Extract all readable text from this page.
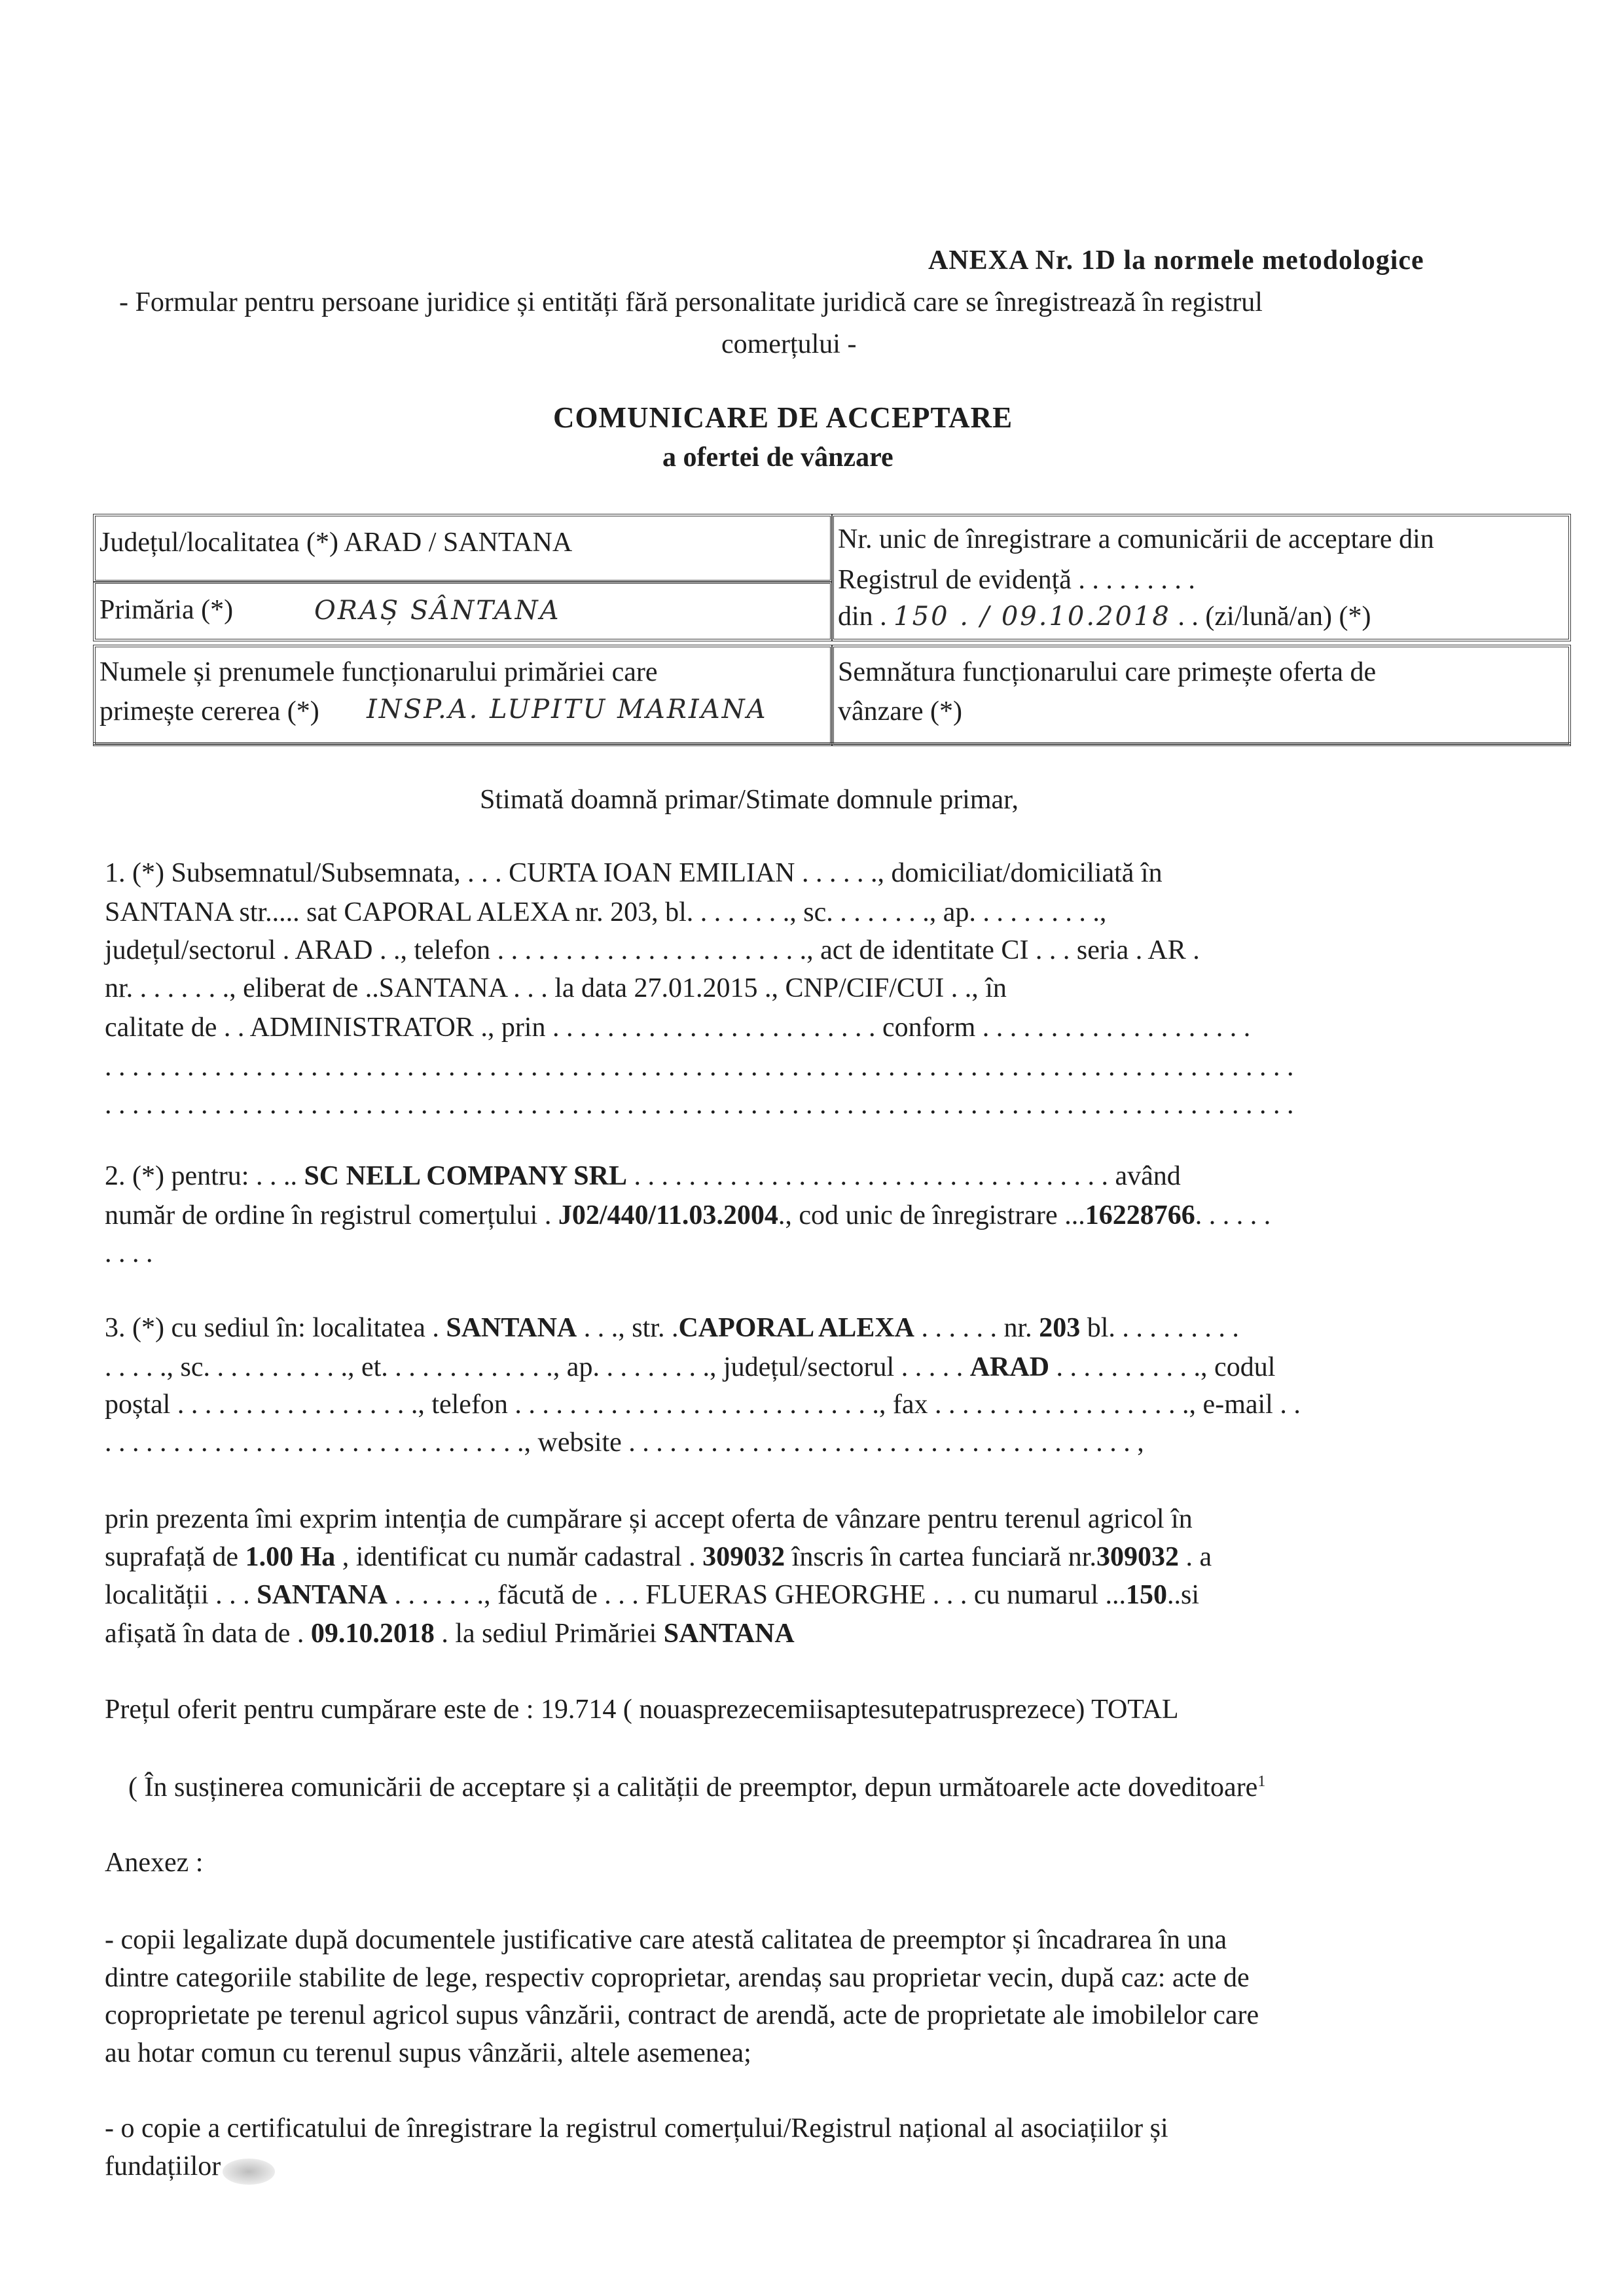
ANEXA Nr. 1D la normele metodologice
- Formular pentru persoane juridice și entități fără personalitate juridică care se înregistrează în registrul
comerțului -
COMUNICARE DE ACCEPTARE
a ofertei de vânzare
Județul/localitatea (*) ARAD / SANTANA
Primăria (*)	ORAȘ SÂNTANA
Numele și prenumele funcționarului primăriei care
primește cererea (*) INSP.A. LUPITU MARIANA
Nr. unic de înregistrare a comunicării de acceptare din
Registrul de evidență . . . . . . . . .
din . 150 . / 09.10.2018 . . (zi/lună/an) (*)
Semnătura funcționarului care primește oferta de
vânzare (*)
Stimată doamnă primar/Stimate domnule primar,
1. (*) Subsemnatul/Subsemnata, . . . CURTA IOAN EMILIAN . . . . . ., domiciliat/domiciliată în
SANTANA str..... sat CAPORAL ALEXA nr. 203, bl. . . . . . . ., sc. . . . . . . ., ap. . . . . . . . . .,
județul/sectorul . ARAD . ., telefon . . . . . . . . . . . . . . . . . . . . . . ., act de identitate CI . . . seria . AR .
nr. . . . . . . ., eliberat de ..SANTANA . . . la data 27.01.2015 ., CNP/CIF/CUI . ., în
calitate de . . ADMINISTRATOR ., prin . . . . . . . . . . . . . . . . . . . . . . . . conform . . . . . . . . . . . . . . . . . . . .
. . . . . . . . . . . . . . . . . . . . . . . . . . . . . . . . . . . . . . . . . . . . . . . . . . . . . . . . . . . . . . . . . . . . . . . . . . . . . . . . . . . . . . .
. . . . . . . . . . . . . . . . . . . . . . . . . . . . . . . . . . . . . . . . . . . . . . . . . . . . . . . . . . . . . . . . . . . . . . . . . . . . . . . . . . . . . . .
2. (*) pentru: . . .. SC NELL COMPANY SRL . . . . . . . . . . . . . . . . . . . . . . . . . . . . . . . . . . . având
număr de ordine în registrul comerțului . J02/440/11.03.2004., cod unic de înregistrare ...16228766. . . . . .
. . . .
3. (*) cu sediul în: localitatea . SANTANA . . ., str. .CAPORAL ALEXA . . . . . . nr. 203 bl. . . . . . . . . .
. . . . ., sc. . . . . . . . . . ., et. . . . . . . . . . . . ., ap. . . . . . . . ., județul/sectorul . . . . . ARAD . . . . . . . . . . ., codul
poștal . . . . . . . . . . . . . . . . . ., telefon . . . . . . . . . . . . . . . . . . . . . . . . . . ., fax . . . . . . . . . . . . . . . . . . ., e-mail . .
. . . . . . . . . . . . . . . . . . . . . . . . . . . . . . ., website . . . . . . . . . . . . . . . . . . . . . . . . . . . . . . . . . . . . . ,
prin prezenta îmi exprim intenția de cumpărare și accept oferta de vânzare pentru terenul agricol în
suprafață de 1.00 Ha , identificat cu număr cadastral . 309032 înscris în cartea funciară nr.309032 . a
localității . . . SANTANA . . . . . . ., făcută de . . . FLUERAS GHEORGHE . . . cu numarul ...150..si
afișată în data de . 09.10.2018 . la sediul Primăriei SANTANA
Prețul oferit pentru cumpărare este de : 19.714 ( nouasprezecemiisaptesutepatrusprezece) TOTAL
( În susținerea comunicării de acceptare și a calității de preemptor, depun următoarele acte doveditoare$^1$
Anexez :
- copii legalizate după documentele justificative care atestă calitatea de preemptor și încadrarea în una
dintre categoriile stabilite de lege, respectiv coproprietar, arendaș sau proprietar vecin, după caz: acte de
coproprietate pe terenul agricol supus vânzării, contract de arendă, acte de proprietate ale imobilelor care
au hotar comun cu terenul supus vânzării, altele asemenea;
- o copie a certificatului de înregistrare la registrul comerțului/Registrul național al asociațiilor și
fundațiilor
